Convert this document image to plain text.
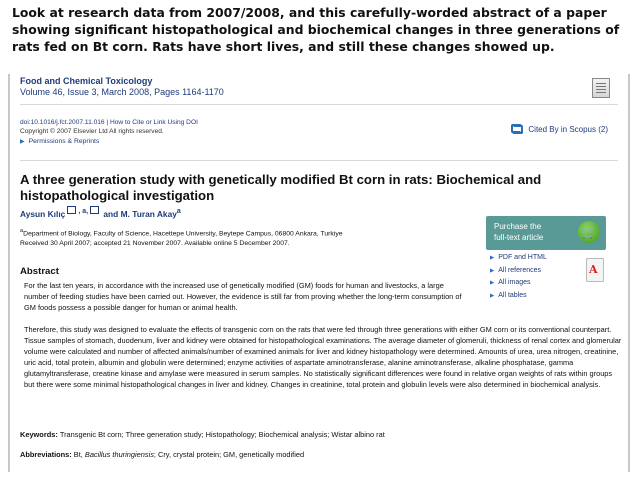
Look at research data from 2007/2008, and this carefully-worded abstract of a paper showing significant histopathological and biochemical changes in three generations of rats fed on Bt corn. Rats have short lives, and still these changes showed up.
Food and Chemical Toxicology
Volume 46, Issue 3, March 2008, Pages 1164-1170
doi:10.1016/j.fct.2007.11.016 | How to Cite or Link Using DOI
Copyright © 2007 Elsevier Ltd All rights reserved.
▶ Permissions & Reprints
Cited By in Scopus (2)
A three generation study with genetically modified Bt corn in rats: Biochemical and histopathological investigation
Aysun Kılıç $^{, a,}$ and M. Turan Akay$^a$
$^a$Department of Biology, Faculty of Science, Hacettepe University, Beytepe Campus, 06800 Ankara, Turkiye
Received 30 April 2007; accepted 21 November 2007. Available online 5 December 2007.
Purchase the
full-text article	🛒
▶ PDF and HTML
▶ All references
▶ All images
▶ All tables
A
Abstract
For the last ten years, in accordance with the increased use of genetically modified (GM) foods for human and livestocks, a large number of feeding studies have been carried out. However, the evidence is still far from proving whether the long-term consumption of GM foods possess a possible danger for human or animal health.
Therefore, this study was designed to evaluate the effects of transgenic corn on the rats that were fed through three generations with either GM corn or its conventional counterpart. Tissue samples of stomach, duodenum, liver and kidney were obtained for histopathological examinations. The average diameter of glomeruli, thickness of renal cortex and glomerular volume were calculated and number of affected animals/number of examined animals for liver and kidney histopathology were determined. Amounts of urea, urea nitrogen, creatinine, uric acid, total protein, albumin and globulin were determined; enzyme activities of aspartate aminotransferase, alanine aminotransferase, alkaline phosphatase, gamma glutamyltransferase, creatine kinase and amylase were measured in serum samples. No statistically significant differences were found in relative organ weights of rats within groups but there were some minimal histopathological changes in liver and kidney. Changes in creatinine, total protein and globulin levels were also determined in biochemical analysis.
Keywords: Transgenic Bt corn; Three generation study; Histopathology; Biochemical analysis; Wistar albino rat
Abbreviations: Bt, Bacillus thuringiensis; Cry, crystal protein; GM, genetically modified
